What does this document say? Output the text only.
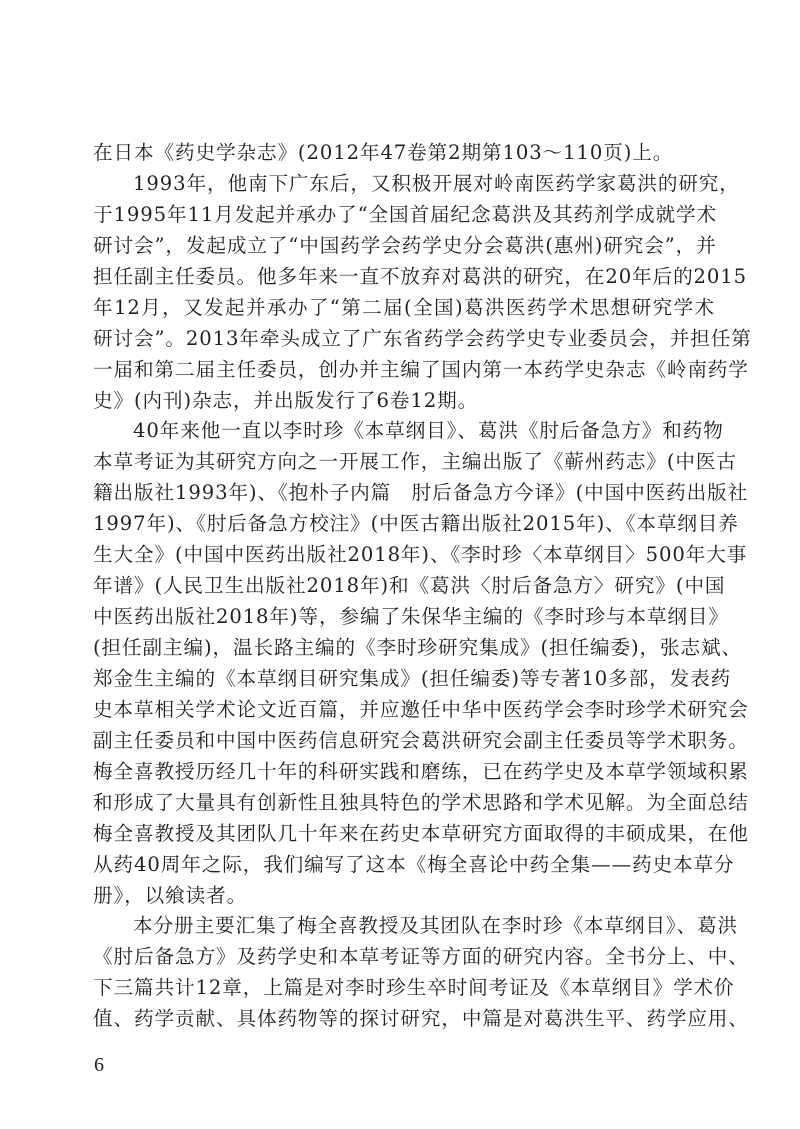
在日本《药史学杂志》(2012年47卷第2期第103～110页)上。
1993年，他南下广东后，又积极开展对岭南医药学家葛洪的研究，
于1995年11月发起并承办了“全国首届纪念葛洪及其药剂学成就学术
研讨会”，发起成立了“中国药学会药学史分会葛洪(惠州)研究会”，并
担任副主任委员。他多年来一直不放弃对葛洪的研究，在20年后的2015
年12月，又发起并承办了“第二届(全国)葛洪医药学术思想研究学术
研讨会”。2013年牵头成立了广东省药学会药学史专业委员会，并担任第
一届和第二届主任委员，创办并主编了国内第一本药学史杂志《岭南药学
史》(内刊)杂志，并出版发行了6卷12期。
40年来他一直以李时珍《本草纲目》、葛洪《肘后备急方》和药物
本草考证为其研究方向之一开展工作，主编出版了《蕲州药志》(中医古
籍出版社1993年)、《抱朴子内篇　肘后备急方今译》(中国中医药出版社
1997年)、《肘后备急方校注》(中医古籍出版社2015年)、《本草纲目养
生大全》(中国中医药出版社2018年)、《李时珍〈本草纲目〉500年大事
年谱》(人民卫生出版社2018年)和《葛洪〈肘后备急方〉研究》(中国
中医药出版社2018年)等，参编了朱保华主编的《李时珍与本草纲目》
(担任副主编)，温长路主编的《李时珍研究集成》(担任编委)，张志斌、
郑金生主编的《本草纲目研究集成》(担任编委)等专著10多部，发表药
史本草相关学术论文近百篇，并应邀任中华中医药学会李时珍学术研究会
副主任委员和中国中医药信息研究会葛洪研究会副主任委员等学术职务。
梅全喜教授历经几十年的科研实践和磨练，已在药学史及本草学领域积累
和形成了大量具有创新性且独具特色的学术思路和学术见解。为全面总结
梅全喜教授及其团队几十年来在药史本草研究方面取得的丰硕成果，在他
从药40周年之际，我们编写了这本《梅全喜论中药全集——药史本草分
册》，以飨读者。
本分册主要汇集了梅全喜教授及其团队在李时珍《本草纲目》、葛洪
《肘后备急方》及药学史和本草考证等方面的研究内容。全书分上、中、
下三篇共计12章，上篇是对李时珍生卒时间考证及《本草纲目》学术价
值、药学贡献、具体药物等的探讨研究，中篇是对葛洪生平、药学应用、
6
